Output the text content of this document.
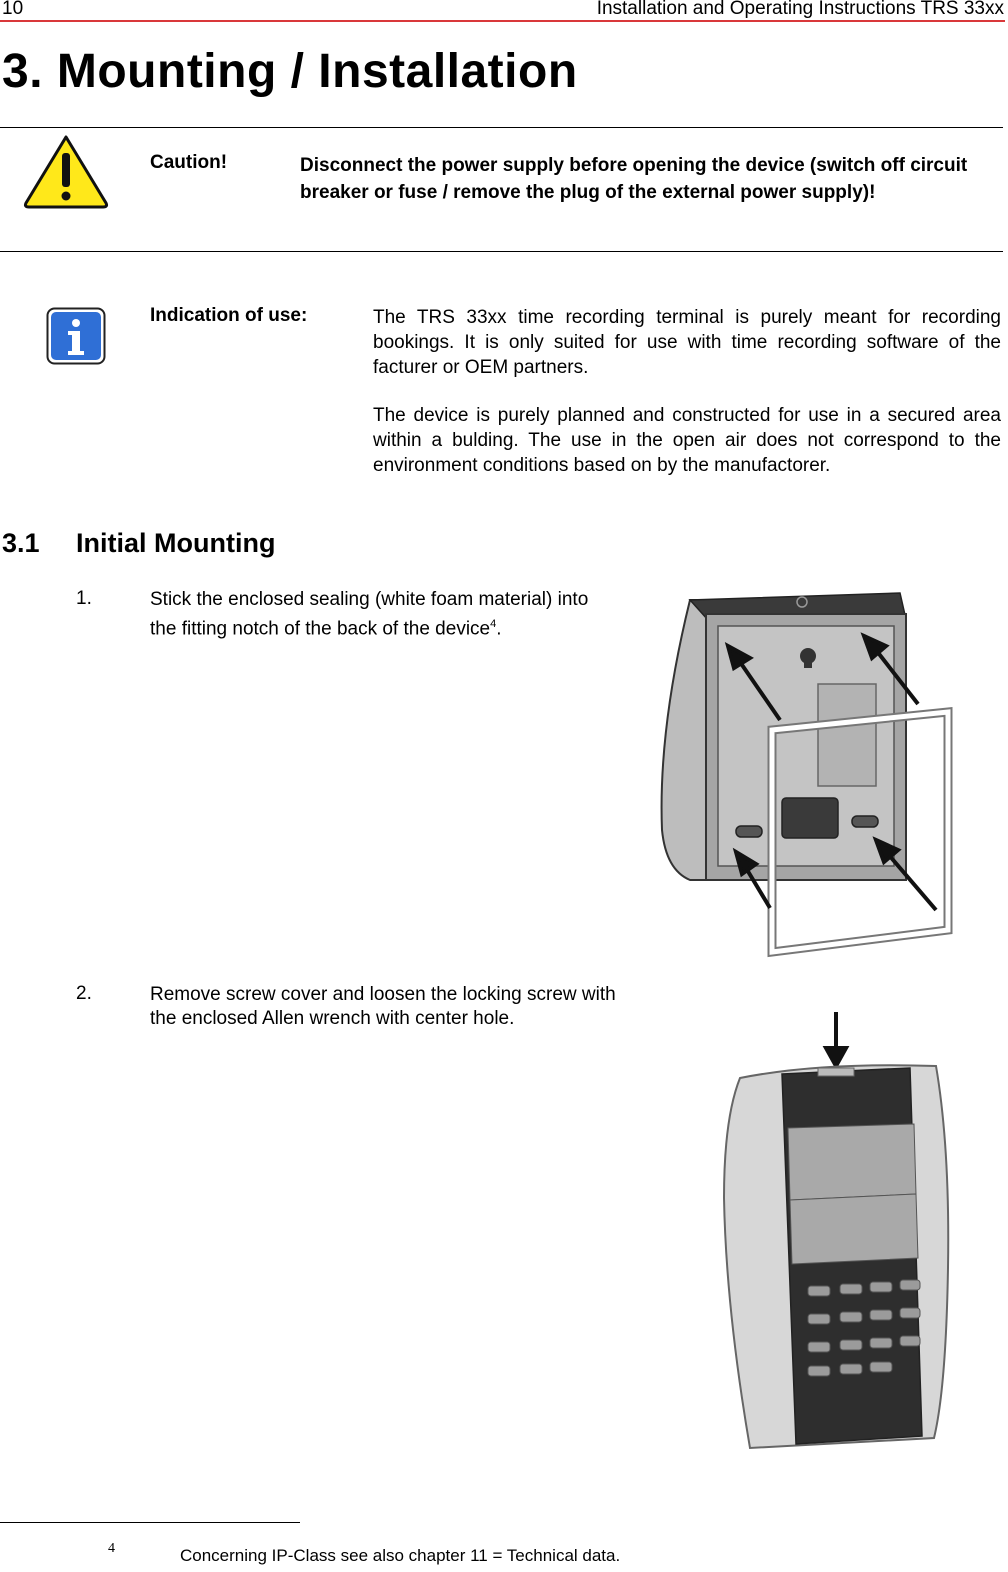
10	Installation and Operating Instructions TRS 33xx
3. Mounting / Installation
Caution!	Disconnect the power supply before opening the device (switch off circuit breaker or fuse / remove the plug of the external power supply)!
Indication of use:	The TRS 33xx time recording terminal is purely meant for recording bookings. It is only suited for use with time recording software of the facturer or OEM partners.
The device is purely planned and constructed for use in a secured area within a bulding. The use in the open air does not correspond to the environment conditions based on by the manufactorer.
3.1 Initial Mounting
1.	Stick the enclosed sealing (white foam material) into the fitting notch of the back of the device$^4$.
2.	Remove screw cover and loosen the locking screw with the enclosed Allen wrench with center hole.
4	Concerning IP-Class see also chapter 11 = Technical data.
